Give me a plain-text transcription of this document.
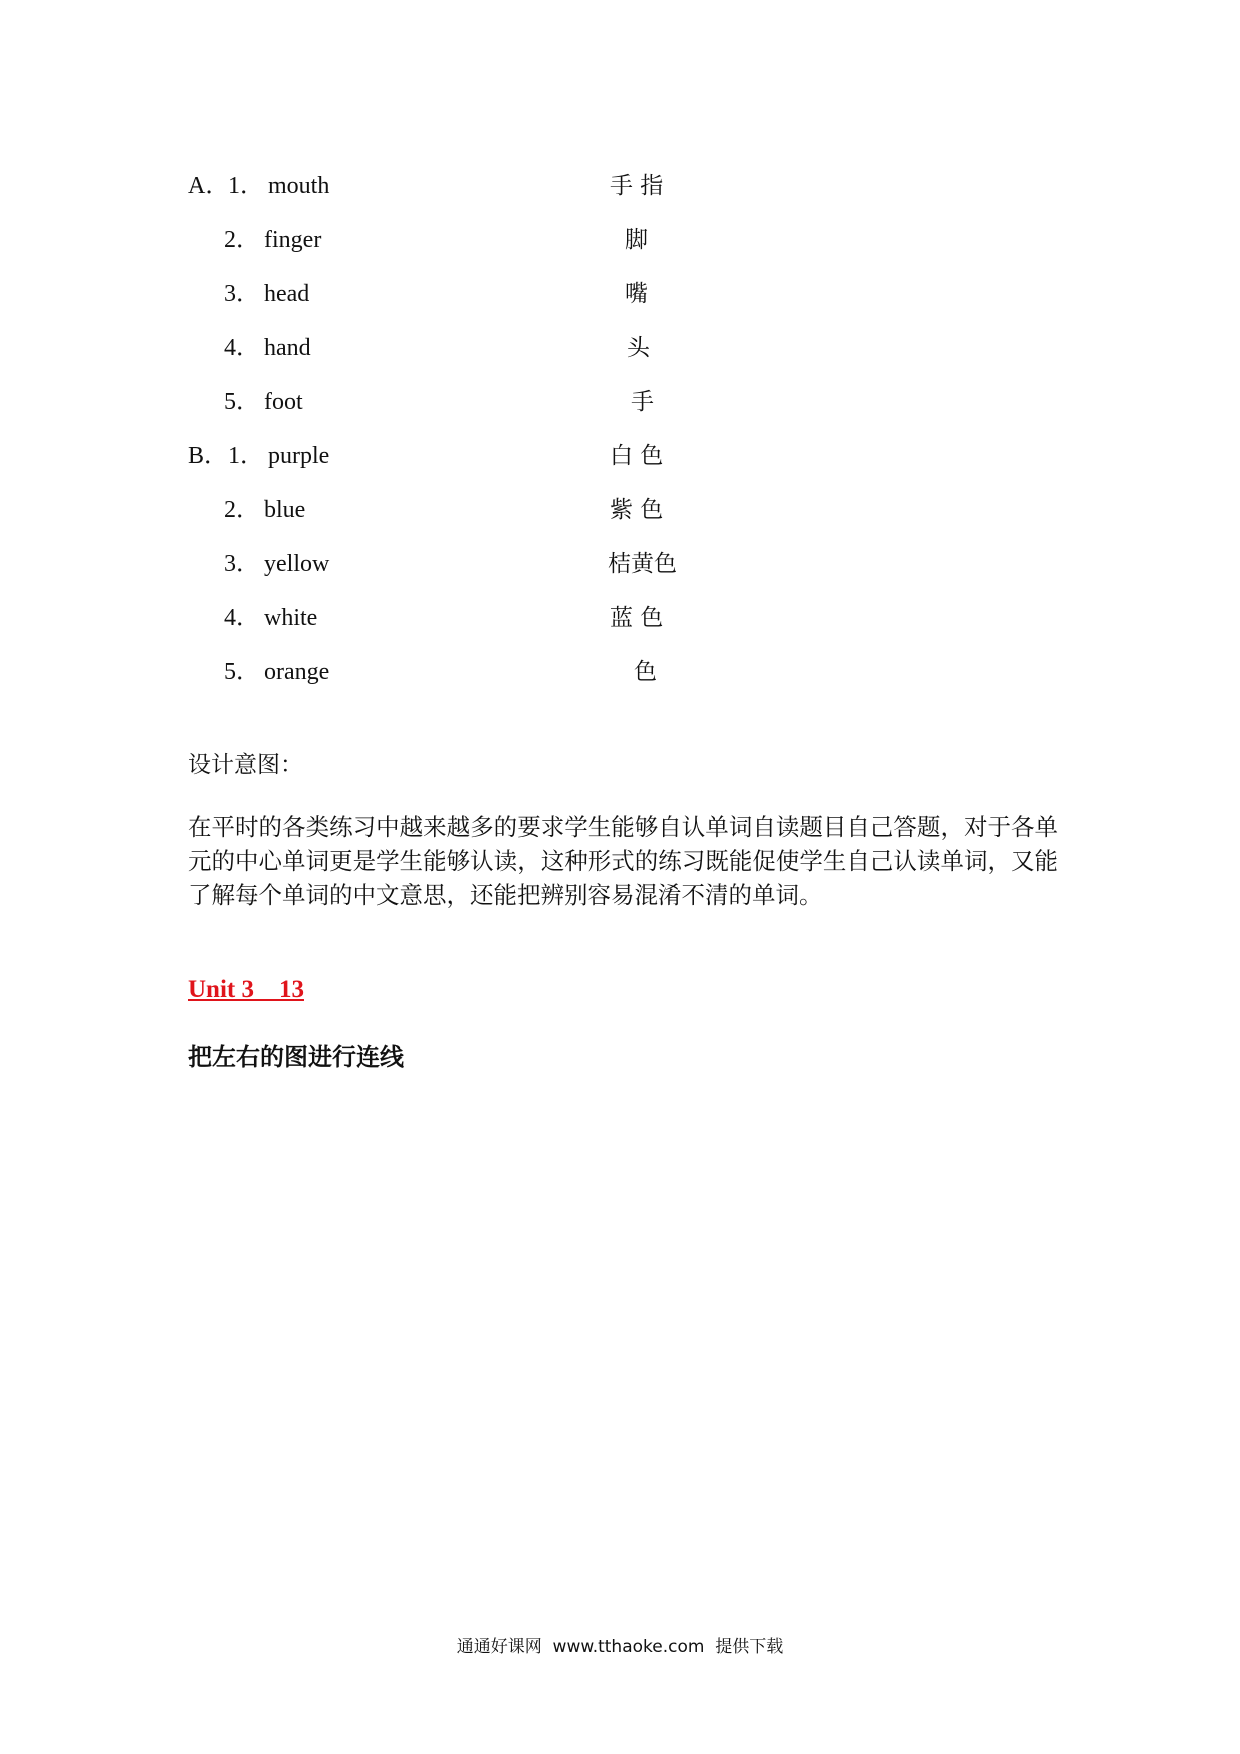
A．
1． mouth	手 指
2． finger	脚
3． head	嘴
4． hand	头
5． foot	手
B． 1． purple	白 色
2． blue	紫 色
3． yellow	桔黄色
4． white	蓝 色
5． orange	色
设计意图：
在平时的各类练习中越来越多的要求学生能够自认单词自读题目自己答题，对于各单元的中心单词更是学生能够认读，这种形式的练习既能促使学生自己认读单词，又能了解每个单词的中文意思，还能把辨别容易混淆不清的单词。
Unit 3    13
把左右的图进行连线
通通好课网  www.tthaoke.com  提供下载
